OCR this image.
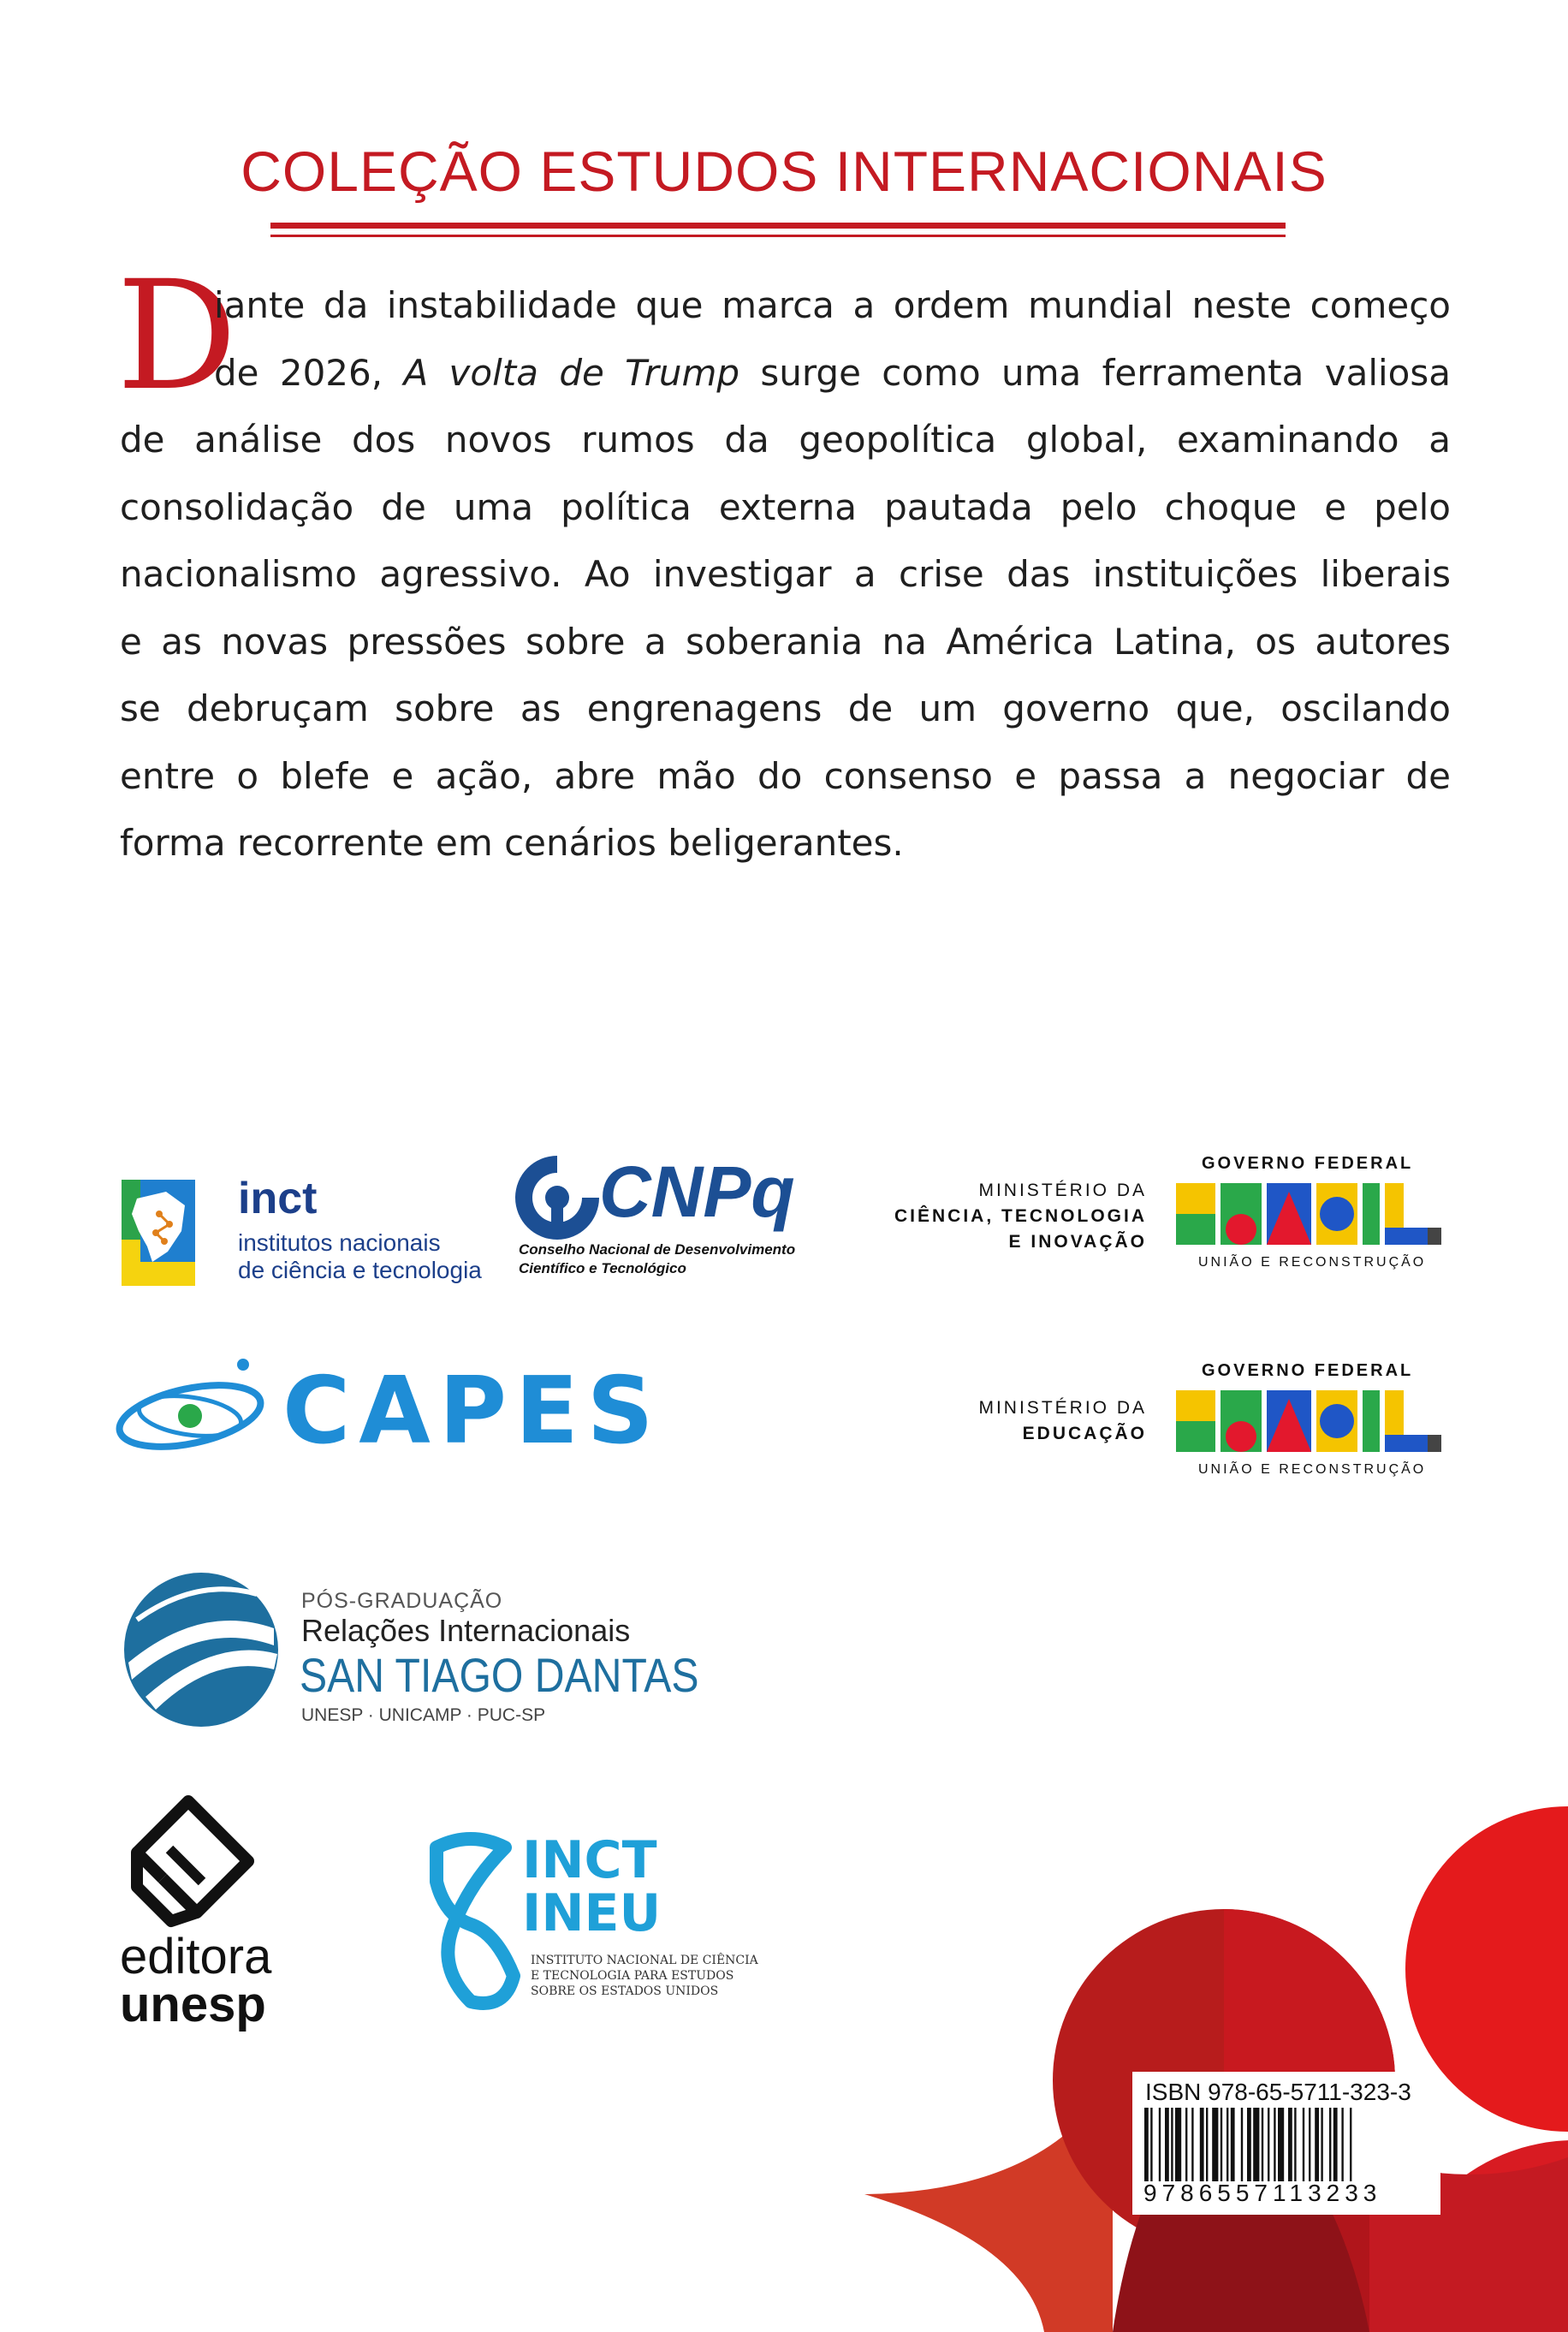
COLEÇÃO ESTUDOS INTERNACIONAIS
D
iante da instabilidade que marca a ordem mundial neste começo
de 2026, A volta de Trump surge como uma ferramenta valiosa
de análise dos novos rumos da geopolítica global, examinando a
consolidação de uma política externa pautada pelo choque e pelo
nacionalismo agressivo. Ao investigar a crise das instituições liberais
e as novas pressões sobre a soberania na América Latina, os autores
se debruçam sobre as engrenagens de um governo que, oscilando
entre o blefe e ação, abre mão do consenso e passa a negociar de
forma recorrente em cenários beligerantes.
inct
institutos nacionais
de ciência e tecnologia
CNPq
Conselho Nacional de Desenvolvimento
Científico e Tecnológico
MINISTÉRIO DA
CIÊNCIA, TECNOLOGIA
E INOVAÇÃO
GOVERNO FEDERAL
UNIÃO E RECONSTRUÇÃO
CAPES	MINISTÉRIO DA
EDUCAÇÃO
GOVERNO FEDERAL
UNIÃO E RECONSTRUÇÃO
PÓS-GRADUAÇÃO
Relações Internacionais
SAN TIAGO DANTAS
UNESP · UNICAMP · PUC-SP
editora
unesp
INCT
INEU
INSTITUTO NACIONAL DE CIÊNCIA
E TECNOLOGIA PARA ESTUDOS
SOBRE OS ESTADOS UNIDOS
ISBN 978-65-5711-323-3
9786557113233
